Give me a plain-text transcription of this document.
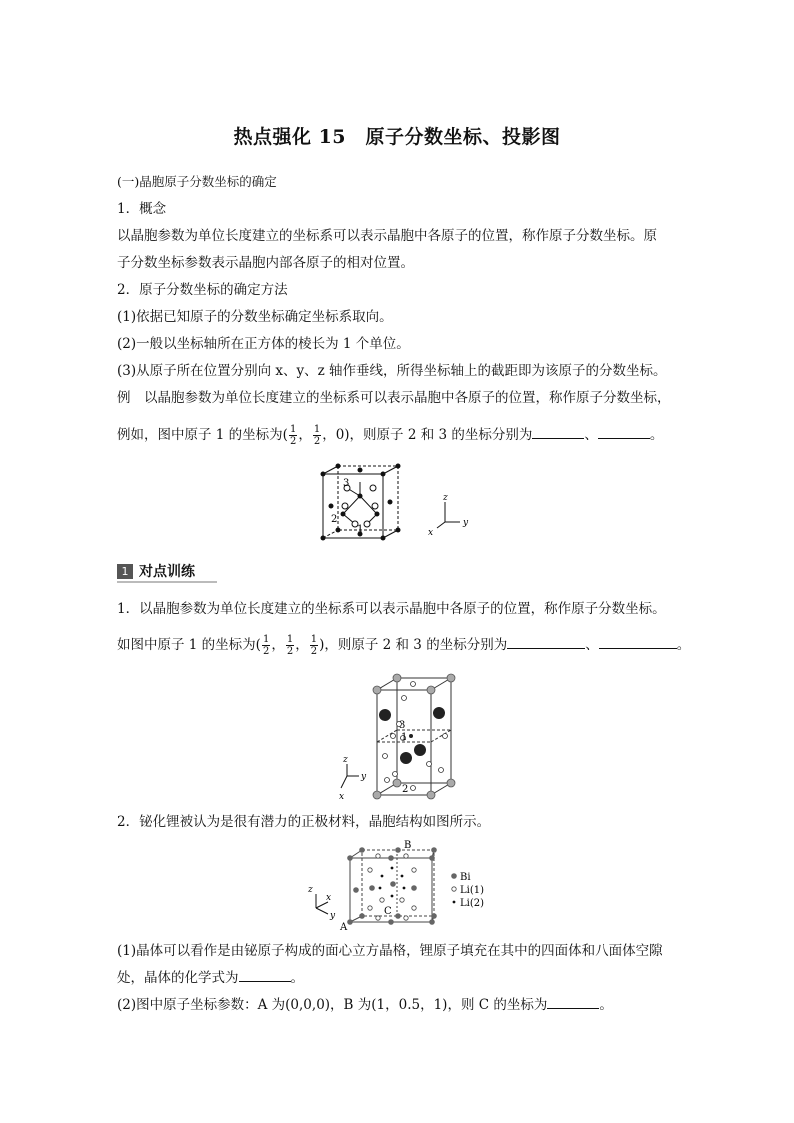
热点强化 15　原子分数坐标、投影图
(一)晶胞原子分数坐标的确定
1．概念
以晶胞参数为单位长度建立的坐标系可以表示晶胞中各原子的位置，称作原子分数坐标。原
子分数坐标参数表示晶胞内部各原子的相对位置。
2．原子分数坐标的确定方法
(1)依据已知原子的分数坐标确定坐标系取向。
(2)一般以坐标轴所在正方体的棱长为 1 个单位。
(3)从原子所在位置分别向 x、y、z 轴作垂线，所得坐标轴上的截距即为该原子的分数坐标。
例　以晶胞参数为单位长度建立的坐标系可以表示晶胞中各原子的位置，称作原子分数坐标，
例如，图中原子 1 的坐标为( $\frac{1}{2}$ ， $\frac{1}{2}$ ，0)，则原子 2 和 3 的坐标分别为	、	。
3
2
1
z
y
x
1 对点训练
1．以晶胞参数为单位长度建立的坐标系可以表示晶胞中各原子的位置，称作原子分数坐标。
如图中原子 1 的坐标为( $\frac{1}{2}$ ， $\frac{1}{2}$ ， $\frac{1}{2}$ )，则原子 2 和 3 的坐标分别为	、	。
3
1
2
z
y
x
2．铋化锂被认为是很有潜力的正极材料，晶胞结构如图所示。
B
C
A
z
x
y
Bi
Li(1)
Li(2)
(1)晶体可以看作是由铋原子构成的面心立方晶格，锂原子填充在其中的四面体和八面体空隙
处，晶体的化学式为	。
(2)图中原子坐标参数：A 为(0,0,0)，B 为(1，0.5，1)，则 C 的坐标为	。
